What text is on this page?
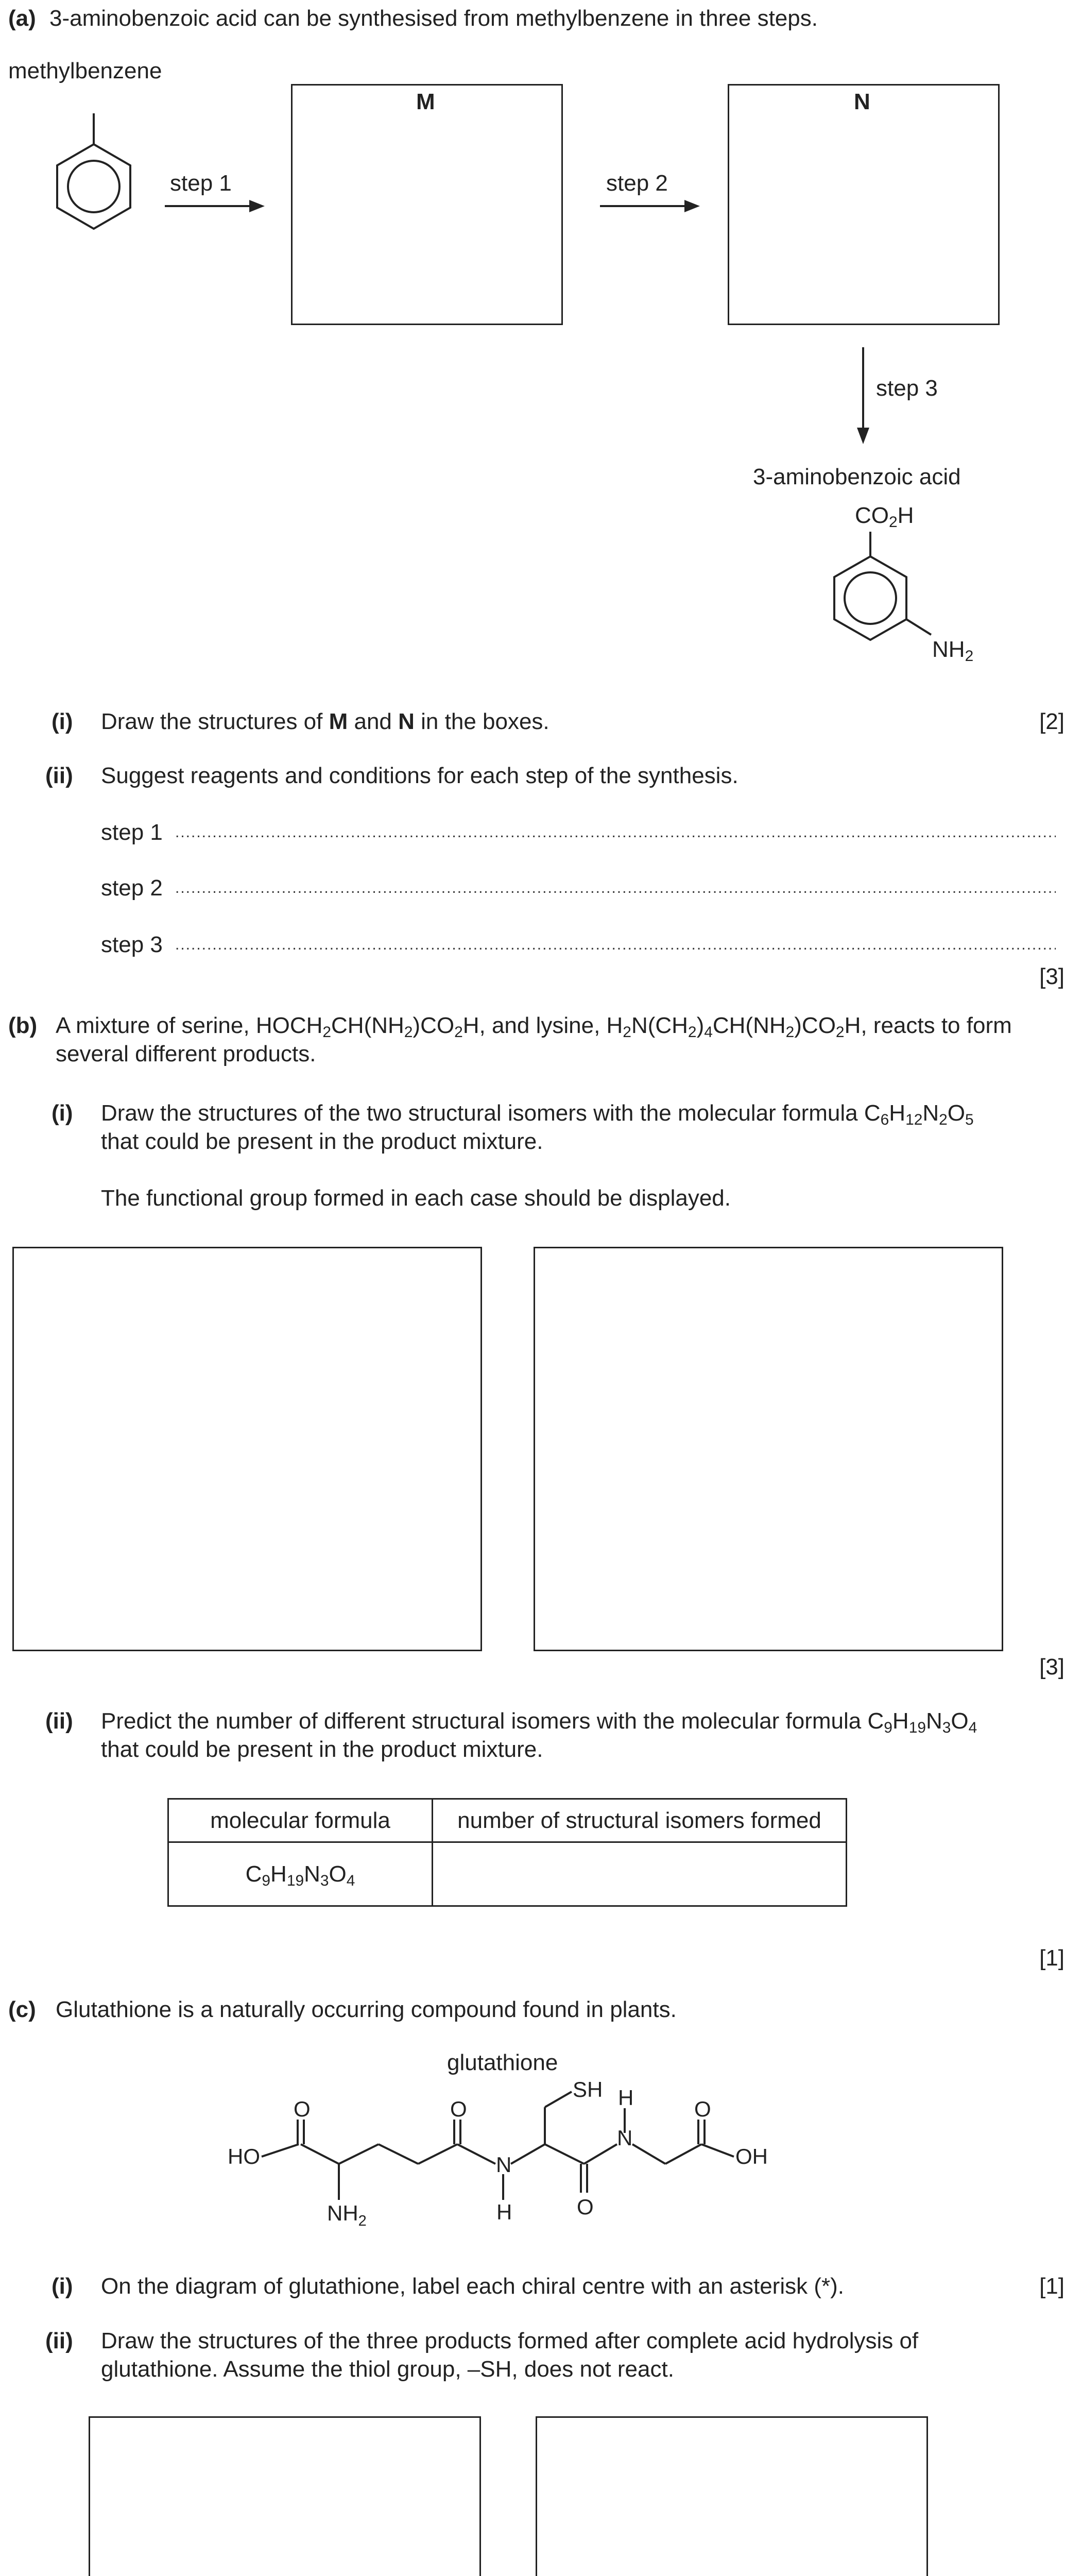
(a) 3-aminobenzoic acid can be synthesised from methylbenzene in three steps.
methylbenzene
step 1
M
step 2
N
step 3
3-aminobenzoic acid
CO2H
NH2
(i) Draw the structures of M and N in the boxes.	[2]
(ii) Suggest reagents and conditions for each step of the synthesis.
step 1
.....
step 2
.....
step 3
.....
[3]
(b) A mixture of serine, HOCH2CH(NH2)CO2H, and lysine, H2N(CH2)4CH(NH2)CO2H, reacts to form
several different products.
(i) Draw the structures of the two structural isomers with the molecular formula C6H12N2O5
that could be present in the product mixture.
The functional group formed in each case should be displayed.
[3]
(ii) Predict the number of different structural isomers with the molecular formula C9H19N3O4
that could be present in the product mixture.
molecular formula	number of structural isomers formed
C9H19N3O4	
[1]
(c) Glutathione is a naturally occurring compound found in plants.
glutathione
HO
O
$NH_2$
O
N
H
SH
O
H
N
O
OH
(i) On the diagram of glutathione, label each chiral centre with an asterisk (*).	[1]
(ii) Draw the structures of the three products formed after complete acid hydrolysis of
glutathione. Assume the thiol group, –SH, does not react.
